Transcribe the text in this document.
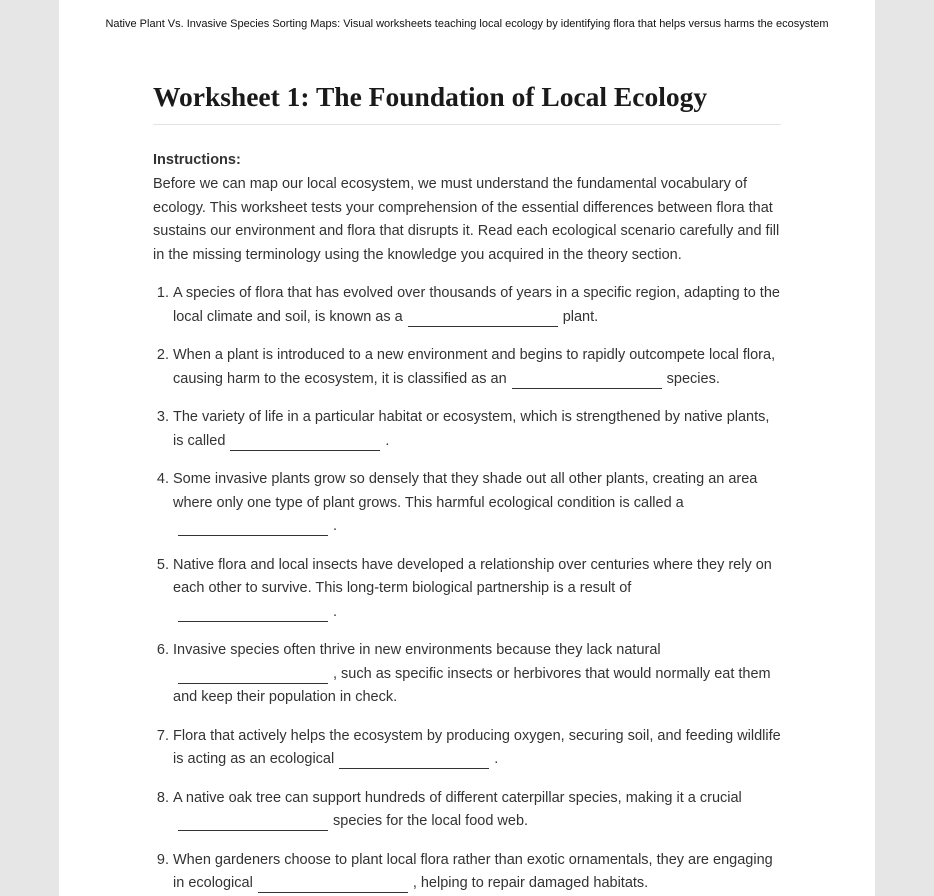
Native Plant Vs. Invasive Species Sorting Maps: Visual worksheets teaching local ecology by identifying flora that helps versus harms the ecosystem
Worksheet 1: The Foundation of Local Ecology
Instructions:
Before we can map our local ecosystem, we must understand the fundamental vocabulary of ecology. This worksheet tests your comprehension of the essential differences between flora that sustains our environment and flora that disrupts it. Read each ecological scenario carefully and fill in the missing terminology using the knowledge you acquired in the theory section.
1. A species of flora that has evolved over thousands of years in a specific region, adapting to the local climate and soil, is known as a	plant.
2. When a plant is introduced to a new environment and begins to rapidly outcompete local flora, causing harm to the ecosystem, it is classified as an	species.
3. The variety of life in a particular habitat or ecosystem, which is strengthened by native plants, is called	.
4. Some invasive plants grow so densely that they shade out all other plants, creating an area where only one type of plant grows. This harmful ecological condition is called a.
5. Native flora and local insects have developed a relationship over centuries where they rely on each other to survive. This long-term biological partnership is a result of.
6. Invasive species often thrive in new environments because they lack natural, such as specific insects or herbivores that would normally eat them and keep their population in check.
7. Flora that actively helps the ecosystem by producing oxygen, securing soil, and feeding wildlife is acting as an ecological	.
8. A native oak tree can support hundreds of different caterpillar species, making it a crucialspecies for the local food web.
9. When gardeners choose to plant local flora rather than exotic ornamentals, they are engaging in ecological	, helping to repair damaged habitats.
